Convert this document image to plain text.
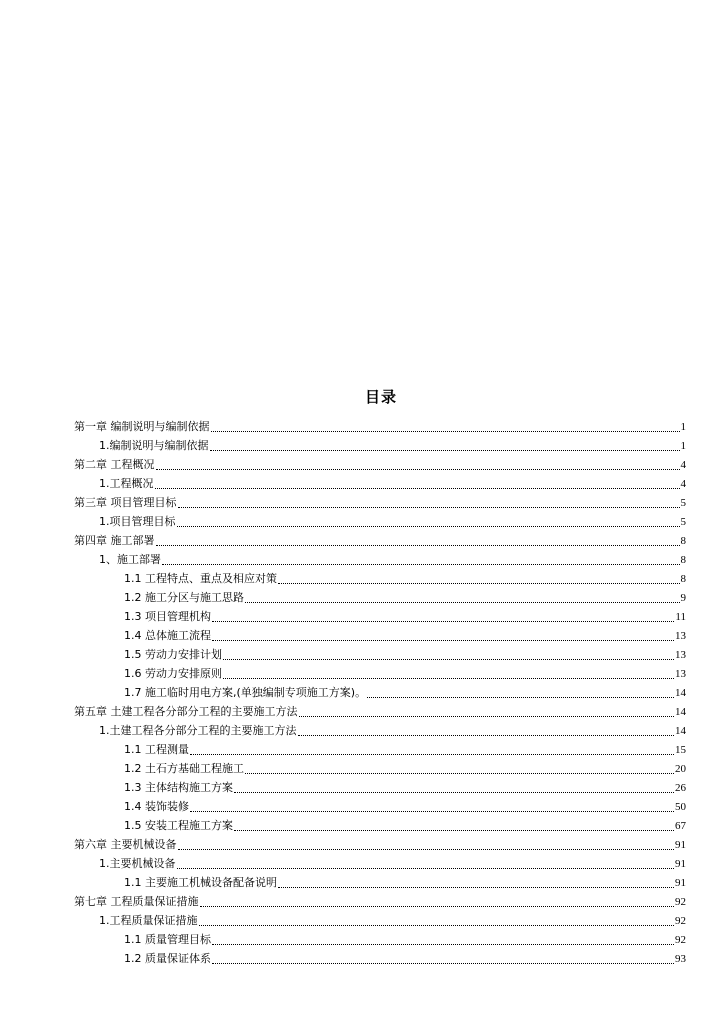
目录
第一章 编制说明与编制依据	1
1.编制说明与编制依据	1
第二章 工程概况	4
1.工程概况	4
第三章 项目管理目标	5
1.项目管理目标	5
第四章 施工部署	8
1、施工部署	8
1.1 工程特点、重点及相应对策	8
1.2 施工分区与施工思路	9
1.3 项目管理机构	11
1.4 总体施工流程	13
1.5 劳动力安排计划	13
1.6 劳动力安排原则	13
1.7 施工临时用电方案,(单独编制专项施工方案)。	14
第五章 土建工程各分部分工程的主要施工方法	14
1.土建工程各分部分工程的主要施工方法	14
1.1 工程测量	15
1.2 土石方基础工程施工	20
1.3 主体结构施工方案	26
1.4 装饰装修	50
1.5 安装工程施工方案	67
第六章 主要机械设备	91
1.主要机械设备	91
1.1 主要施工机械设备配备说明	91
第七章 工程质量保证措施	92
1.工程质量保证措施	92
1.1 质量管理目标	92
1.2 质量保证体系	93
